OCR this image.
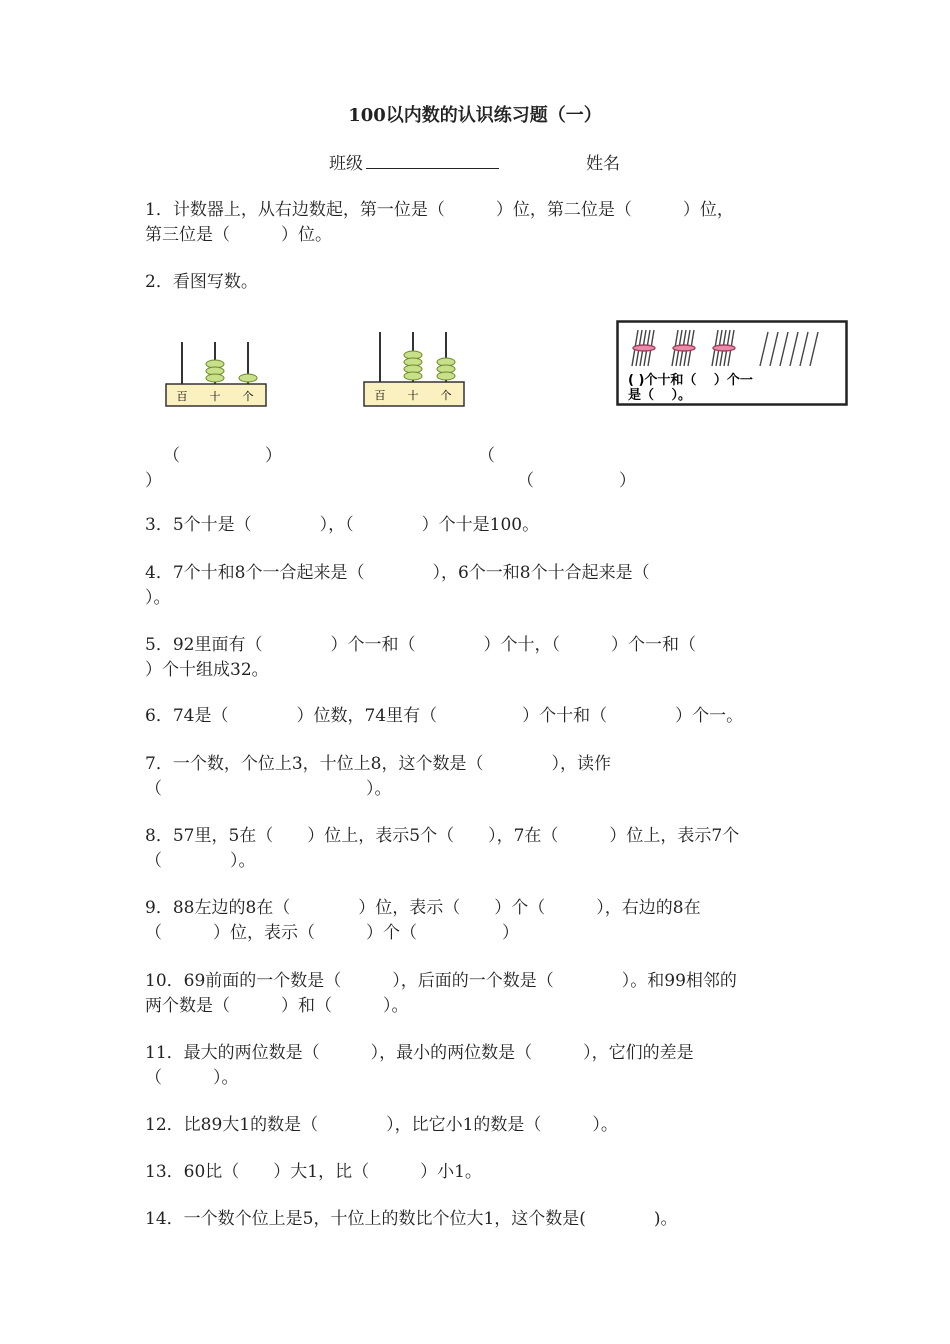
100以内数的认识练习题（一）
班级	姓名
1．计数器上，从右边数起，第一位是（　　　）位，第二位是（　　　）位，
第三位是（　　　）位。
2．看图写数。
百 十 个	百 十 个
( )个十和（　 ）个一
是（　 ）。
（　　　　　）	（
）	（　　　　　）
3．5个十是（　　　　），（　　　　）个十是100。
4．7个十和8个一合起来是（　　　　），6个一和8个十合起来是（
）。
5．92里面有（　　　　）个一和（　　　　）个十，（　　　）个一和（
）个十组成32。
6．74是（　　　　）位数，74里有（　　　　　）个十和（　　　　）个一。
7．一个数，个位上3，十位上8，这个数是（　　　　），读作
（　　　　　　　　　　　　）。
8．57里，5在（　　）位上，表示5个（　　），7在（　　　）位上，表示7个
（　　　　）。
9．88左边的8在（　　　　）位，表示（　　）个（　　　），右边的8在
（　　　）位，表示（　　　）个（　　　　　）
10．69前面的一个数是（　　　），后面的一个数是（　　　　）。和99相邻的
两个数是（　　　）和（　　　）。
11．最大的两位数是（　　　），最小的两位数是（　　　），它们的差是
（　　　）。
12．比89大1的数是（　　　　），比它小1的数是（　　　）。
13．60比（　　）大1，比（　　　）小1。
14．一个数个位上是5，十位上的数比个位大1，这个数是(　　　　)。
